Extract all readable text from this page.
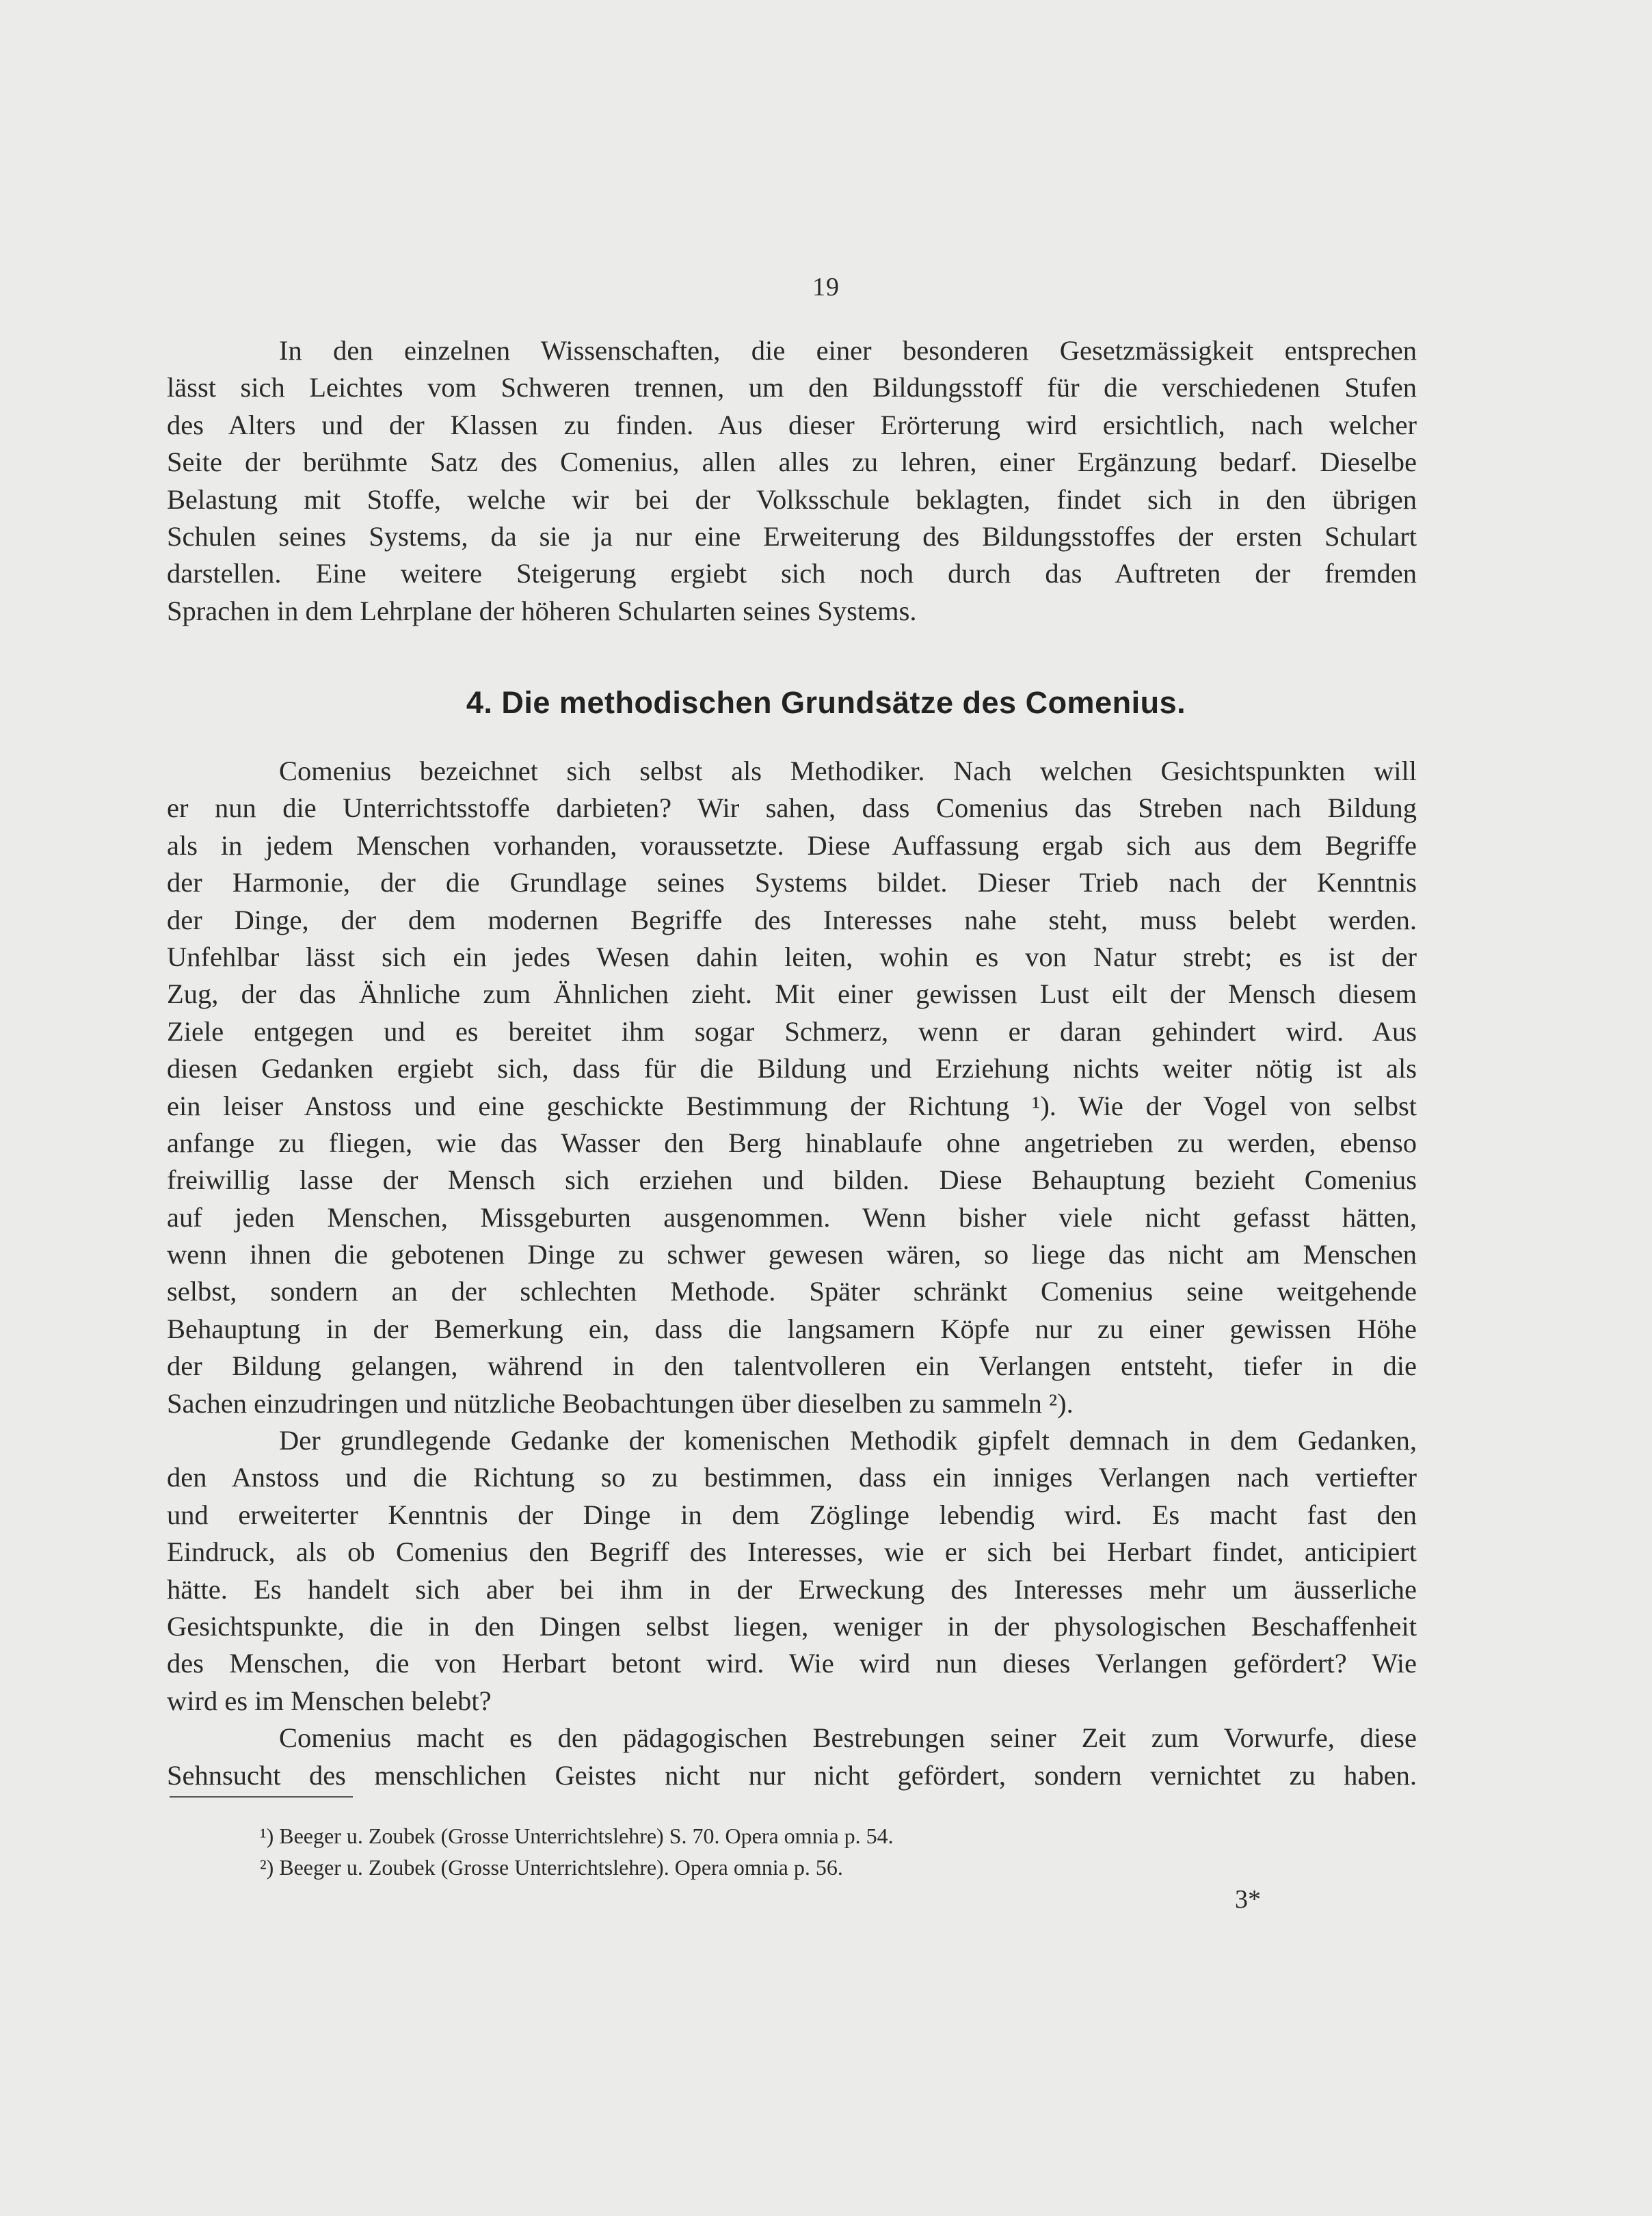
19
In den einzelnen Wissenschaften, die einer besonderen Gesetzmässigkeit entsprechen
lässt sich Leichtes vom Schweren trennen, um den Bildungsstoff für die verschiedenen Stufen
des Alters und der Klassen zu finden. Aus dieser Erörterung wird ersichtlich, nach welcher
Seite der berühmte Satz des Comenius, allen alles zu lehren, einer Ergänzung bedarf. Dieselbe
Belastung mit Stoffe, welche wir bei der Volksschule beklagten, findet sich in den übrigen
Schulen seines Systems, da sie ja nur eine Erweiterung des Bildungsstoffes der ersten Schulart
darstellen. Eine weitere Steigerung ergiebt sich noch durch das Auftreten der fremden
Sprachen in dem Lehrplane der höheren Schularten seines Systems.
4. Die methodischen Grundsätze des Comenius.
Comenius bezeichnet sich selbst als Methodiker. Nach welchen Gesichtspunkten will
er nun die Unterrichtsstoffe darbieten? Wir sahen, dass Comenius das Streben nach Bildung
als in jedem Menschen vorhanden, voraussetzte. Diese Auffassung ergab sich aus dem Begriffe
der Harmonie, der die Grundlage seines Systems bildet. Dieser Trieb nach der Kenntnis
der Dinge, der dem modernen Begriffe des Interesses nahe steht, muss belebt werden.
Unfehlbar lässt sich ein jedes Wesen dahin leiten, wohin es von Natur strebt; es ist der
Zug, der das Ähnliche zum Ähnlichen zieht. Mit einer gewissen Lust eilt der Mensch diesem
Ziele entgegen und es bereitet ihm sogar Schmerz, wenn er daran gehindert wird. Aus
diesen Gedanken ergiebt sich, dass für die Bildung und Erziehung nichts weiter nötig ist als
ein leiser Anstoss und eine geschickte Bestimmung der Richtung ¹). Wie der Vogel von selbst
anfange zu fliegen, wie das Wasser den Berg hinablaufe ohne angetrieben zu werden, ebenso
freiwillig lasse der Mensch sich erziehen und bilden. Diese Behauptung bezieht Comenius
auf jeden Menschen, Missgeburten ausgenommen. Wenn bisher viele nicht gefasst hätten,
wenn ihnen die gebotenen Dinge zu schwer gewesen wären, so liege das nicht am Menschen
selbst, sondern an der schlechten Methode. Später schränkt Comenius seine weitgehende
Behauptung in der Bemerkung ein, dass die langsamern Köpfe nur zu einer gewissen Höhe
der Bildung gelangen, während in den talentvolleren ein Verlangen entsteht, tiefer in die
Sachen einzudringen und nützliche Beobachtungen über dieselben zu sammeln ²).
Der grundlegende Gedanke der komenischen Methodik gipfelt demnach in dem Gedanken,
den Anstoss und die Richtung so zu bestimmen, dass ein inniges Verlangen nach vertiefter
und erweiterter Kenntnis der Dinge in dem Zöglinge lebendig wird. Es macht fast den
Eindruck, als ob Comenius den Begriff des Interesses, wie er sich bei Herbart findet, anticipiert
hätte. Es handelt sich aber bei ihm in der Erweckung des Interesses mehr um äusserliche
Gesichtspunkte, die in den Dingen selbst liegen, weniger in der physologischen Beschaffenheit
des Menschen, die von Herbart betont wird. Wie wird nun dieses Verlangen gefördert? Wie
wird es im Menschen belebt?
Comenius macht es den pädagogischen Bestrebungen seiner Zeit zum Vorwurfe, diese
Sehnsucht des menschlichen Geistes nicht nur nicht gefördert, sondern vernichtet zu haben.
¹) Beeger u. Zoubek (Grosse Unterrichtslehre) S. 70. Opera omnia p. 54.
²) Beeger u. Zoubek (Grosse Unterrichtslehre). Opera omnia p. 56.
3*
